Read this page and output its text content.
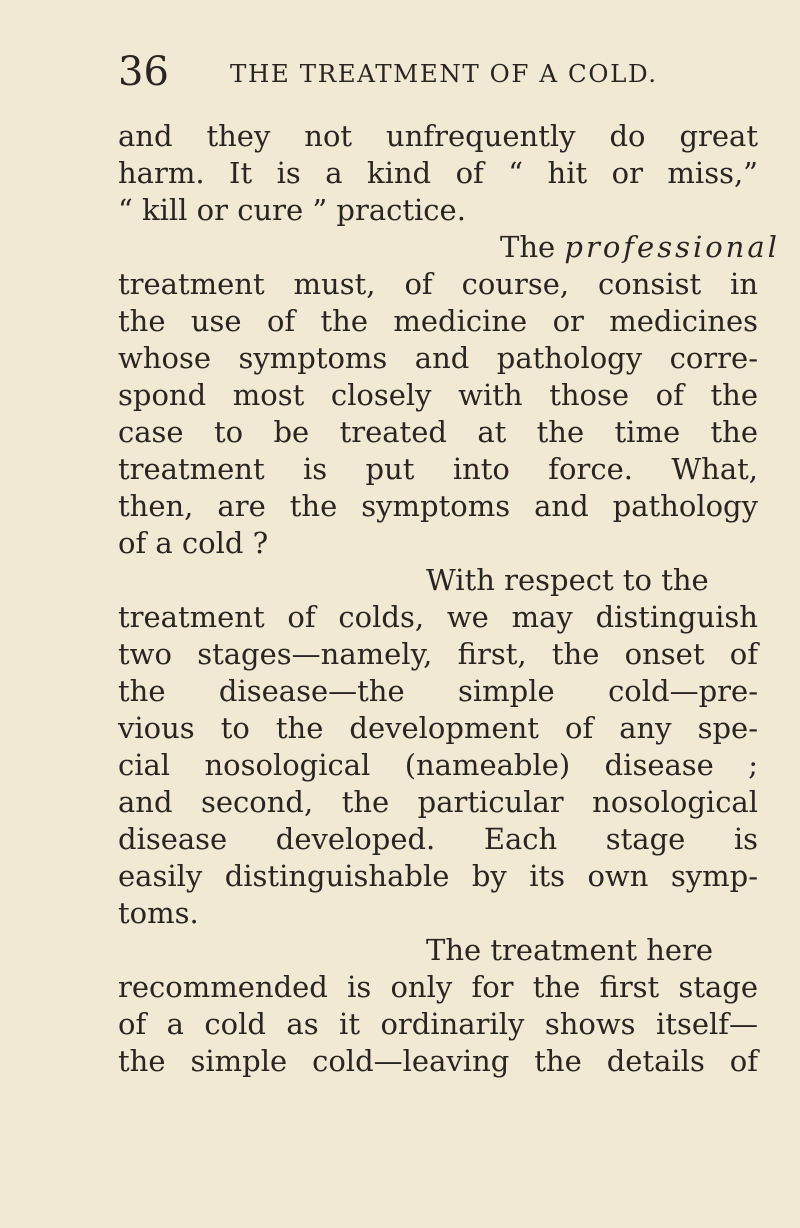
36 THE TREATMENT OF A COLD.
and they not unfrequently do great
harm. It is a kind of “ hit or miss,”
“ kill or cure ” practice.
The professional
treatment must, of course, consist in
the use of the medicine or medicines
whose symptoms and pathology corre-
spond most closely with those of the
case to be treated at the time the
treatment is put into force. What,
then, are the symptoms and pathology
of a cold ?
With respect to the
treatment of colds, we may distinguish
two stages—namely, first, the onset of
the disease—the simple cold—pre-
vious to the development of any spe-
cial nosological (nameable) disease ;
and second, the particular nosological
disease developed. Each stage is
easily distinguishable by its own symp-
toms.
The treatment here
recommended is only for the first stage
of a cold as it ordinarily shows itself—
the simple cold—leaving the details of
